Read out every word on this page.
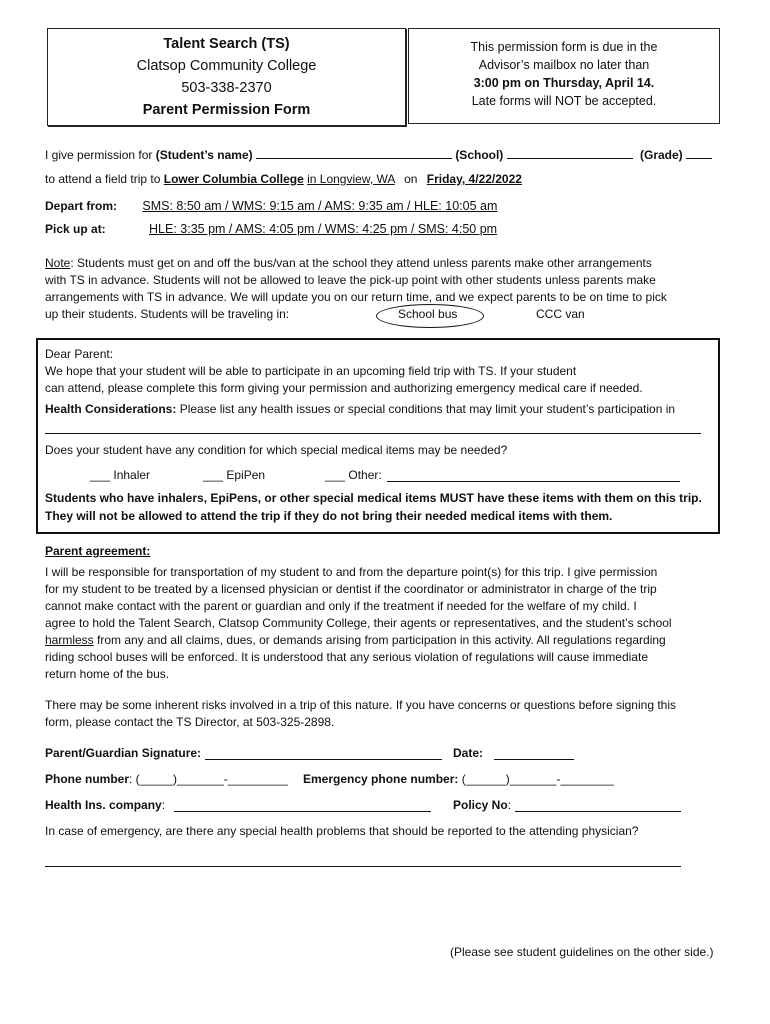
Talent Search (TS)
Clatsop Community College
503-338-2370
Parent Permission Form
This permission form is due in the
Advisor’s mailbox no later than
3:00 pm on Thursday, April 14.
Late forms will NOT be accepted.
I give permission for (Student’s name)	(School)	(Grade)
to attend a field trip to Lower Columbia College in Longview, WA on Friday, 4/22/2022
Depart from: SMS: 8:50 am / WMS: 9:15 am / AMS: 9:35 am / HLE: 10:05 am
Pick up at:	HLE: 3:35 pm / AMS: 4:05 pm / WMS: 4:25 pm / SMS: 4:50 pm
Note: Students must get on and off the bus/van at the school they attend unless parents make other arrangements
with TS in advance. Students will not be allowed to leave the pick-up point with other students unless parents make
arrangements with TS in advance. We will update you on our return time, and we expect parents to be on time to pick
up their students. Students will be traveling in:	School bus	CCC van
Dear Parent:
We hope that your student will be able to participate in an upcoming field trip with TS. If your student
can attend, please complete this form giving your permission and authorizing emergency medical care if needed.
Health Considerations: Please list any health issues or special conditions that may limit your student’s participation in
Does your student have any condition for which special medical items may be needed?
___ Inhaler	___ EpiPen	___ Other:
Students who have inhalers, EpiPens, or other special medical items MUST have these items with them on this trip.
They will not be allowed to attend the trip if they do not bring their needed medical items with them.
Parent agreement:
I will be responsible for transportation of my student to and from the departure point(s) for this trip. I give permission
for my student to be treated by a licensed physician or dentist if the coordinator or administrator in charge of the trip
cannot make contact with the parent or guardian and only if the treatment if needed for the welfare of my child. I
agree to hold the Talent Search, Clatsop Community College, their agents or representatives, and the student’s school
harmless from any and all claims, dues, or demands arising from participation in this activity. All regulations regarding
riding school buses will be enforced. It is understood that any serious violation of regulations will cause immediate
return home of the bus.
There may be some inherent risks involved in a trip of this nature. If you have concerns or questions before signing this
form, please contact the TS Director, at 503-325-2898.
Parent/Guardian Signature:	Date:
Phone number: (_____)_______-_________ Emergency phone number: (______)_______-________
Health Ins. company:	Policy No:
In case of emergency, are there any special health problems that should be reported to the attending physician?
(Please see student guidelines on the other side.)
